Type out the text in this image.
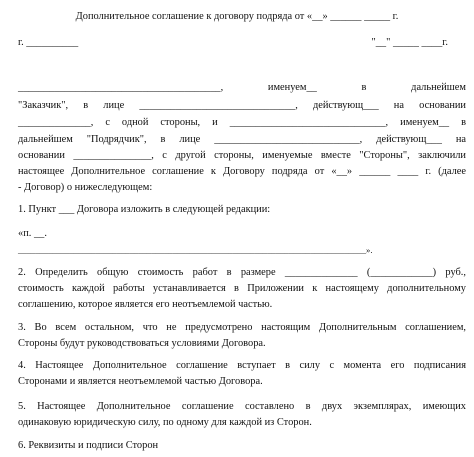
Дополнительное соглашение к договору подряда от «__» ______ _____ г.
г. __________	"__" _____ ____г.
_______________________________________,   именуем__   в   дальнейшем
"Заказчик",   в   лице   ______________________________,   действующ___   на   основании
______________, с одной стороны, и ______________________________, именуем__ в
дальнейшем  "Подрядчик",  в  лице  ____________________________,  действующ___  на
основании _______________, с другой стороны, именуемые вместе "Стороны", заключили
настоящее Дополнительное соглашение к Договору подряда от «__» ______ ____ г. (далее
- Договор) о нижеследующем:
1. Пункт ___ Договора изложить в следующей редакции:
«п. __.
_________________________________________________________________________________».
2. Определить общую стоимость работ в размере ______________ (____________) руб.,
стоимость каждой работы устанавливается в Приложении к настоящему дополнительному
соглашению, которое является его неотъемлемой частью.
3. Во всем остальном, что не предусмотрено настоящим Дополнительным соглашением,
Стороны будут руководствоваться условиями Договора.
4. Настоящее Дополнительное соглашение вступает в силу с момента его подписания
Сторонами и является неотъемлемой частью Договора.
5. Настоящее Дополнительное соглашение составлено в двух экземплярах, имеющих
одинаковую юридическую силу, по одному для каждой из Сторон.
6. Реквизиты и подписи Сторон
